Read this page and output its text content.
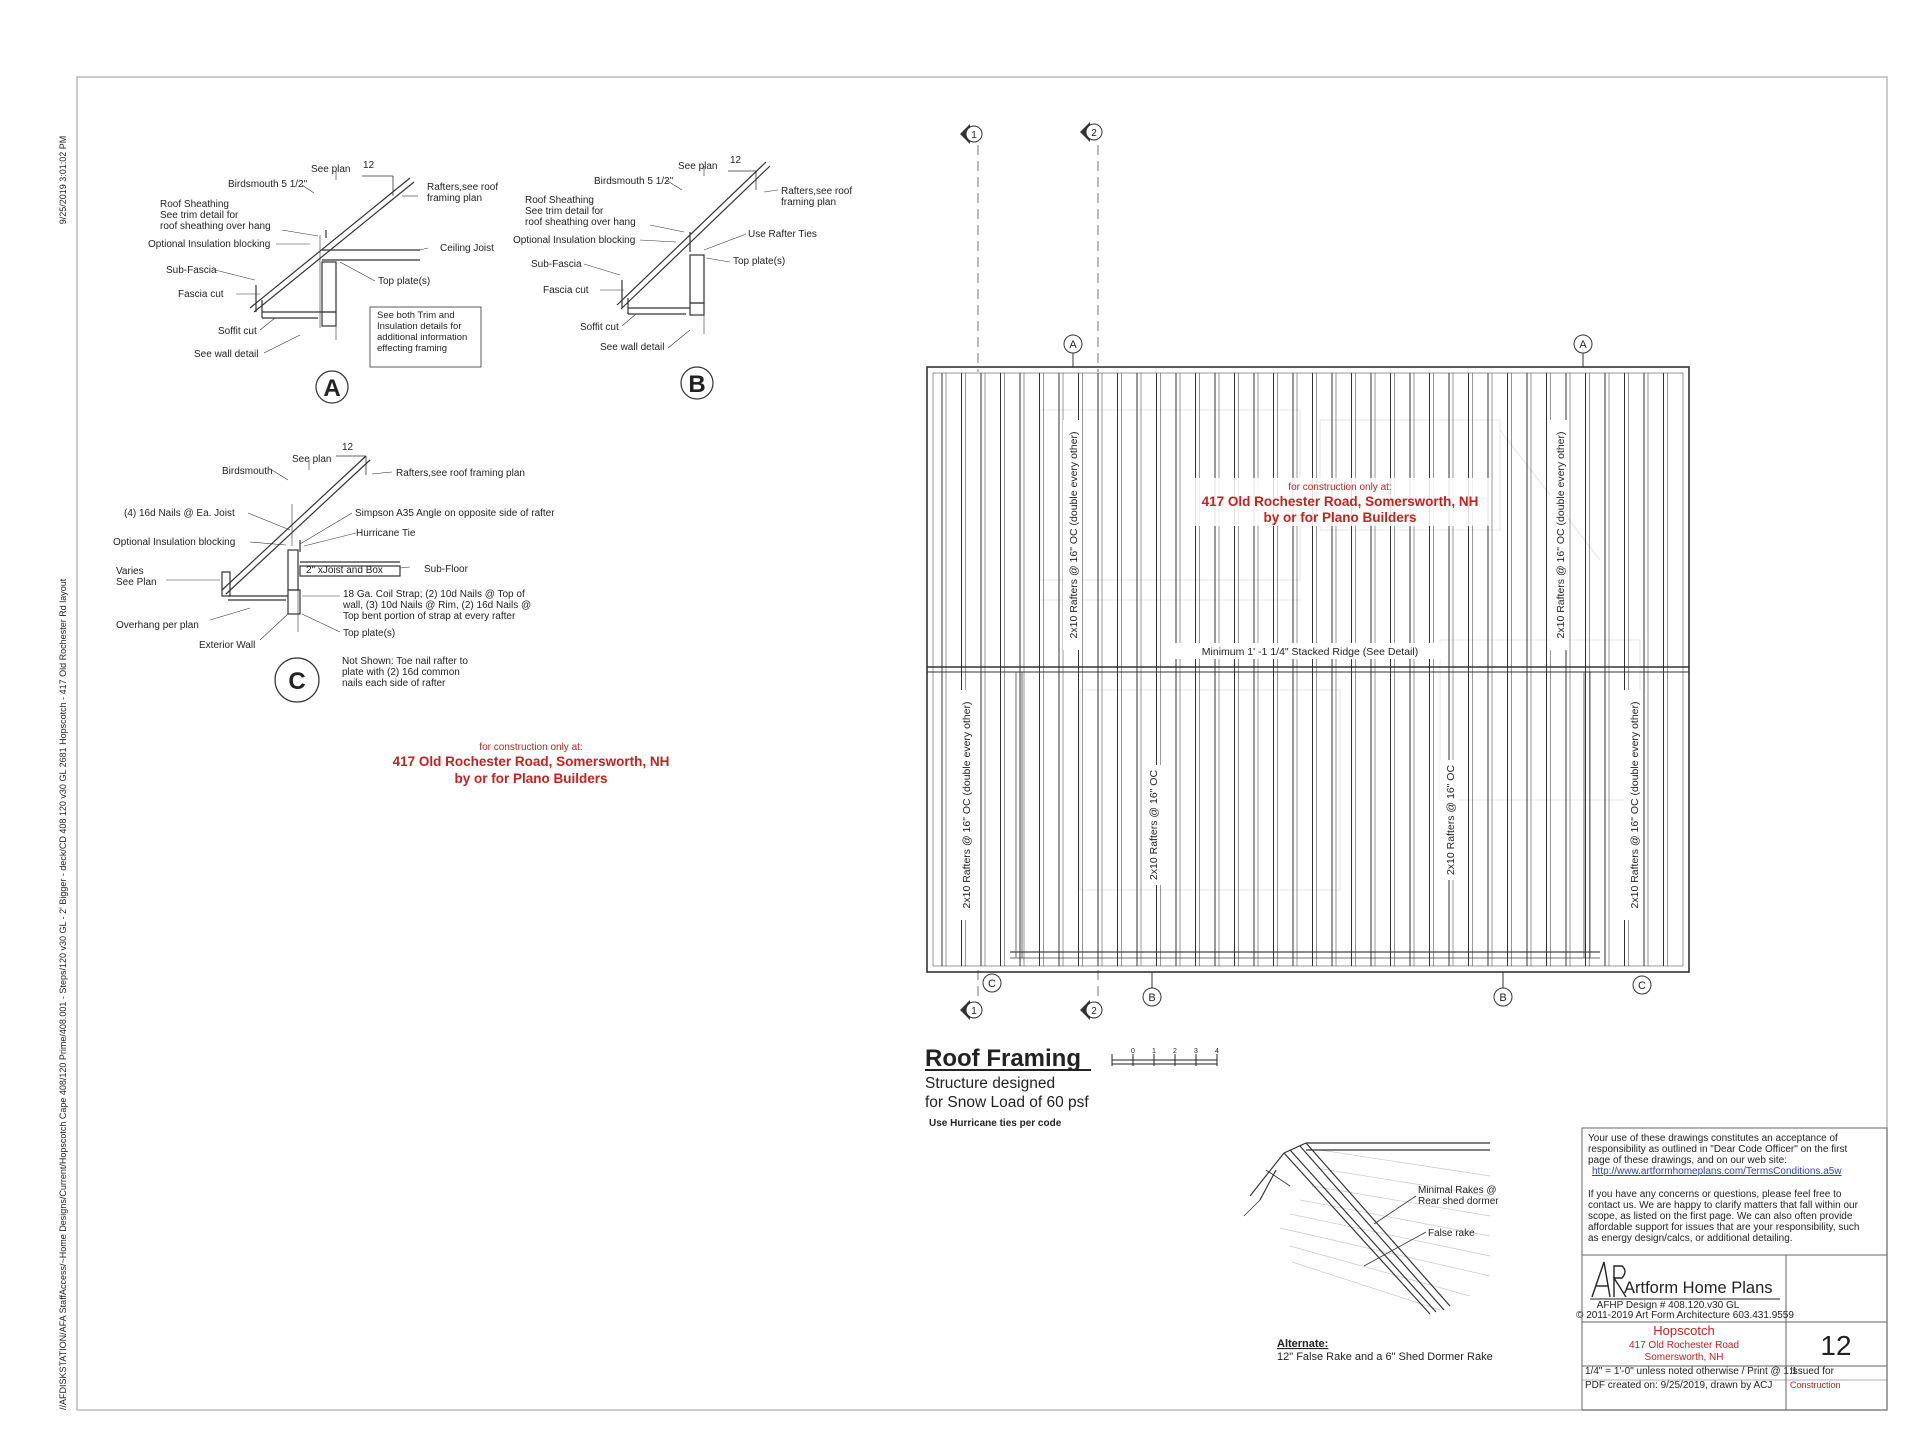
9/25/2019 3:01:02 PM
//AFDISKSTATION/AFA StaffAccess/~Home Designs/Current/Hopscotch Cape 408/120 Prime/408.001 - Steps/120 v30 GL - 2' Bigger - deck/CD 408 120 v30 GL 2681 Hopscotch - 417 Old Rochester Rd layout
See plan 12
Birdsmouth 5 1/2"	Rafters,see roof
framing plan
Roof Sheathing
See trim detail for
roof sheathing over hang
Optional Insulation blocking	Ceiling Joist
Sub-Fascia
Top plate(s)
Fascia cut
Soffit cut
See wall detail
See both Trim and
Insulation details for
additional information
effecting framing
A
See plan
12
Birdsmouth 5 1/2"
Rafters,see roof
framing plan
Roof Sheathing
See trim detail for
roof sheathing over hang
Optional Insulation blocking
Use Rafter Ties
Top plate(s)
Sub-Fascia
Fascia cut
Soffit cut
See wall detail
B
See plan
12
Birdsmouth	Rafters,see roof framing plan
(4) 16d Nails @ Ea. Joist	Simpson A35 Angle on opposite side of rafter
Hurricane Tie
Optional Insulation blocking
Varies
See Plan
2" xJoist and Box	Sub-Floor
18 Ga. Coil Strap; (2) 10d Nails @ Top of
wall, (3) 10d Nails @ Rim, (2) 16d Nails @
Top bent portion of strap at every rafter
Overhang per plan
Top plate(s)
Exterior Wall
Not Shown: Toe nail rafter to
plate with (2) 16d common
nails each side of rafter
C
for construction only at:
417 Old Rochester Road, Somersworth, NH
by or for Plano Builders
Minimum 1' -1 1/4" Stacked Ridge (See Detail)
2x10 Rafters @ 16" OC (double every other)	2x10 Rafters @ 16" OC (double every other)
2x10 Rafters @ 16" OC (double every other)	2x10 Rafters @ 16" OC	2x10 Rafters @ 16" OC	2x10 Rafters @ 16" OC (double every other)
for construction only at:
417 Old Rochester Road, Somersworth, NH
by or for Plano Builders
1	2
1	2
A	A
C
B	B
C
Roof Framing	0 1 2 3 4
Structure designed
for Snow Load of 60 psf
Use Hurricane ties per code
Minimal Rakes @
Rear shed dormer
False rake
Alternate:
12" False Rake and a 6" Shed Dormer Rake
Your use of these drawings constitutes an acceptance of
responsibility as outlined in "Dear Code Officer" on the first
page of these drawings, and on our web site:
http://www.artformhomeplans.com/TermsConditions.a5w
If you have any concerns or questions, please feel free to
contact us. We are happy to clarify matters that fall within our
scope, as listed on the first page. We can also often provide
affordable support for issues that are your responsibility, such
as energy design/calcs, or additional detailing.
Artform Home Plans
AFHP Design # 408.120.v30 GL
© 2011-2019 Art Form Architecture 603.431.9559
Hopscotch
417 Old Rochester Road
Somersworth, NH	12
1/4" = 1'-0" unless noted otherwise / Print @ 1:1
PDF created on: 9/25/2019, drawn by ACJ
Issued for
Construction
